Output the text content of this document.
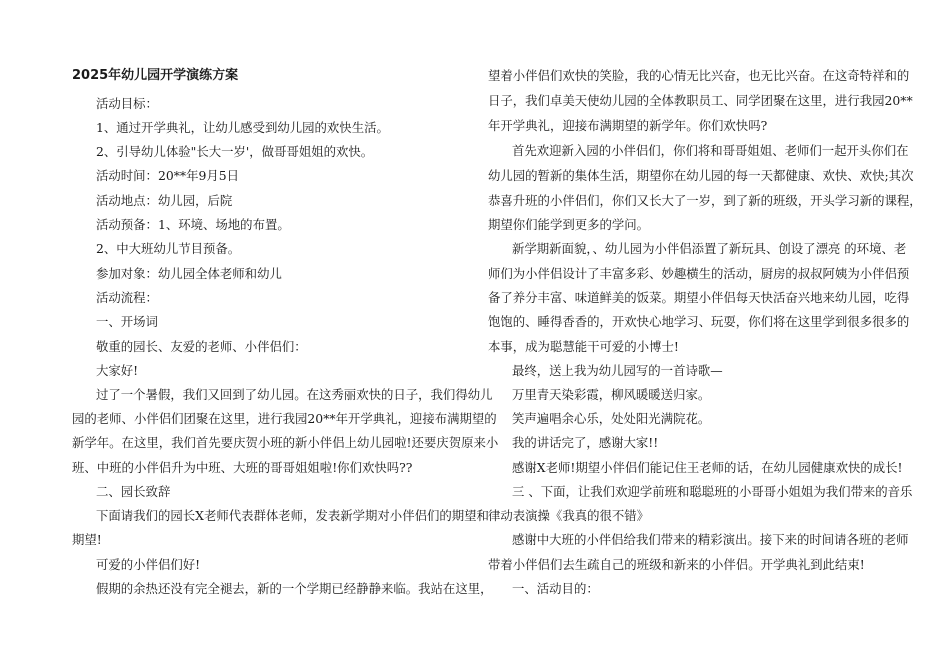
2025年幼儿园开学演练方案
活动目标：
1、通过开学典礼，让幼儿感受到幼儿园的欢快生活。
2、引导幼儿体验"长大一岁'，做哥哥姐姐的欢快。
活动时间：20**年9月5日
活动地点：幼儿园，后院
活动预备：1、环境、场地的布置。
2、中大班幼儿节目预备。
参加对象：幼儿园全体老师和幼儿
活动流程：
一、开场词
敬重的园长、友爱的老师、小伴侣们：
大家好!
过了一个暑假，我们又回到了幼儿园。在这秀丽欢快的日子，我们得幼儿
园的老师、小伴侣们团聚在这里，进行我园20**年开学典礼，迎接布满期望的
新学年。在这里，我们首先要庆贺小班的新小伴侣上幼儿园啦!还要庆贺原来小
班、中班的小伴侣升为中班、大班的哥哥姐姐啦!你们欢快吗??
二、园长致辞
下面请我们的园长X老师代表群体老师，发表新学期对小伴侣们的期望和
期望!
可爱的小伴侣们好!
假期的余热还没有完全褪去，新的一个学期已经静静来临。我站在这里，
望着小伴侣们欢快的笑脸，我的心情无比兴奋，也无比兴奋。在这奇特祥和的
日子，我们卓美天使幼儿园的全体教职员工、同学团聚在这里，进行我园20**
年开学典礼，迎接布满期望的新学年。你们欢快吗?
首先欢迎新入园的小伴侣们，你们将和哥哥姐姐、老师们一起开头你们在
幼儿园的暂新的集体生活，期望你在幼儿园的每一天都健康、欢快、欢快;其次
恭喜升班的小伴侣们，你们又长大了一岁，到了新的班级，开头学习新的课程，
期望你们能学到更多的学问。
新学期新面貌，、幼儿园为小伴侣添置了新玩具、创设了漂亮 的环境、老
师们为小伴侣设计了丰富多彩、妙趣横生的活动，厨房的叔叔阿姨为小伴侣预
备了养分丰富、味道鲜美的饭菜。期望小伴侣每天快活奋兴地来幼儿园，吃得
饱饱的、睡得香香的，开欢快心地学习、玩耍，你们将在这里学到很多很多的
本事，成为聪慧能干可爱的小博士!
最终，送上我为幼儿园写的一首诗歌—
万里青天染彩霞，柳风暖暖送归家。
笑声遍唱余心乐，处处阳光满院花。
我的讲话完了，感谢大家!!
感谢X老师!期望小伴侣们能记住王老师的话，在幼儿园健康欢快的成长!
三 、下面，让我们欢迎学前班和聪聪班的小哥哥小姐姐为我们带来的音乐
律动表演操《我真的很不错》
感谢中大班的小伴侣给我们带来的精彩演出。接下来的时间请各班的老师
带着小伴侣们去生疏自己的班级和新来的小伴侣。开学典礼到此结束!
一、活动目的：
